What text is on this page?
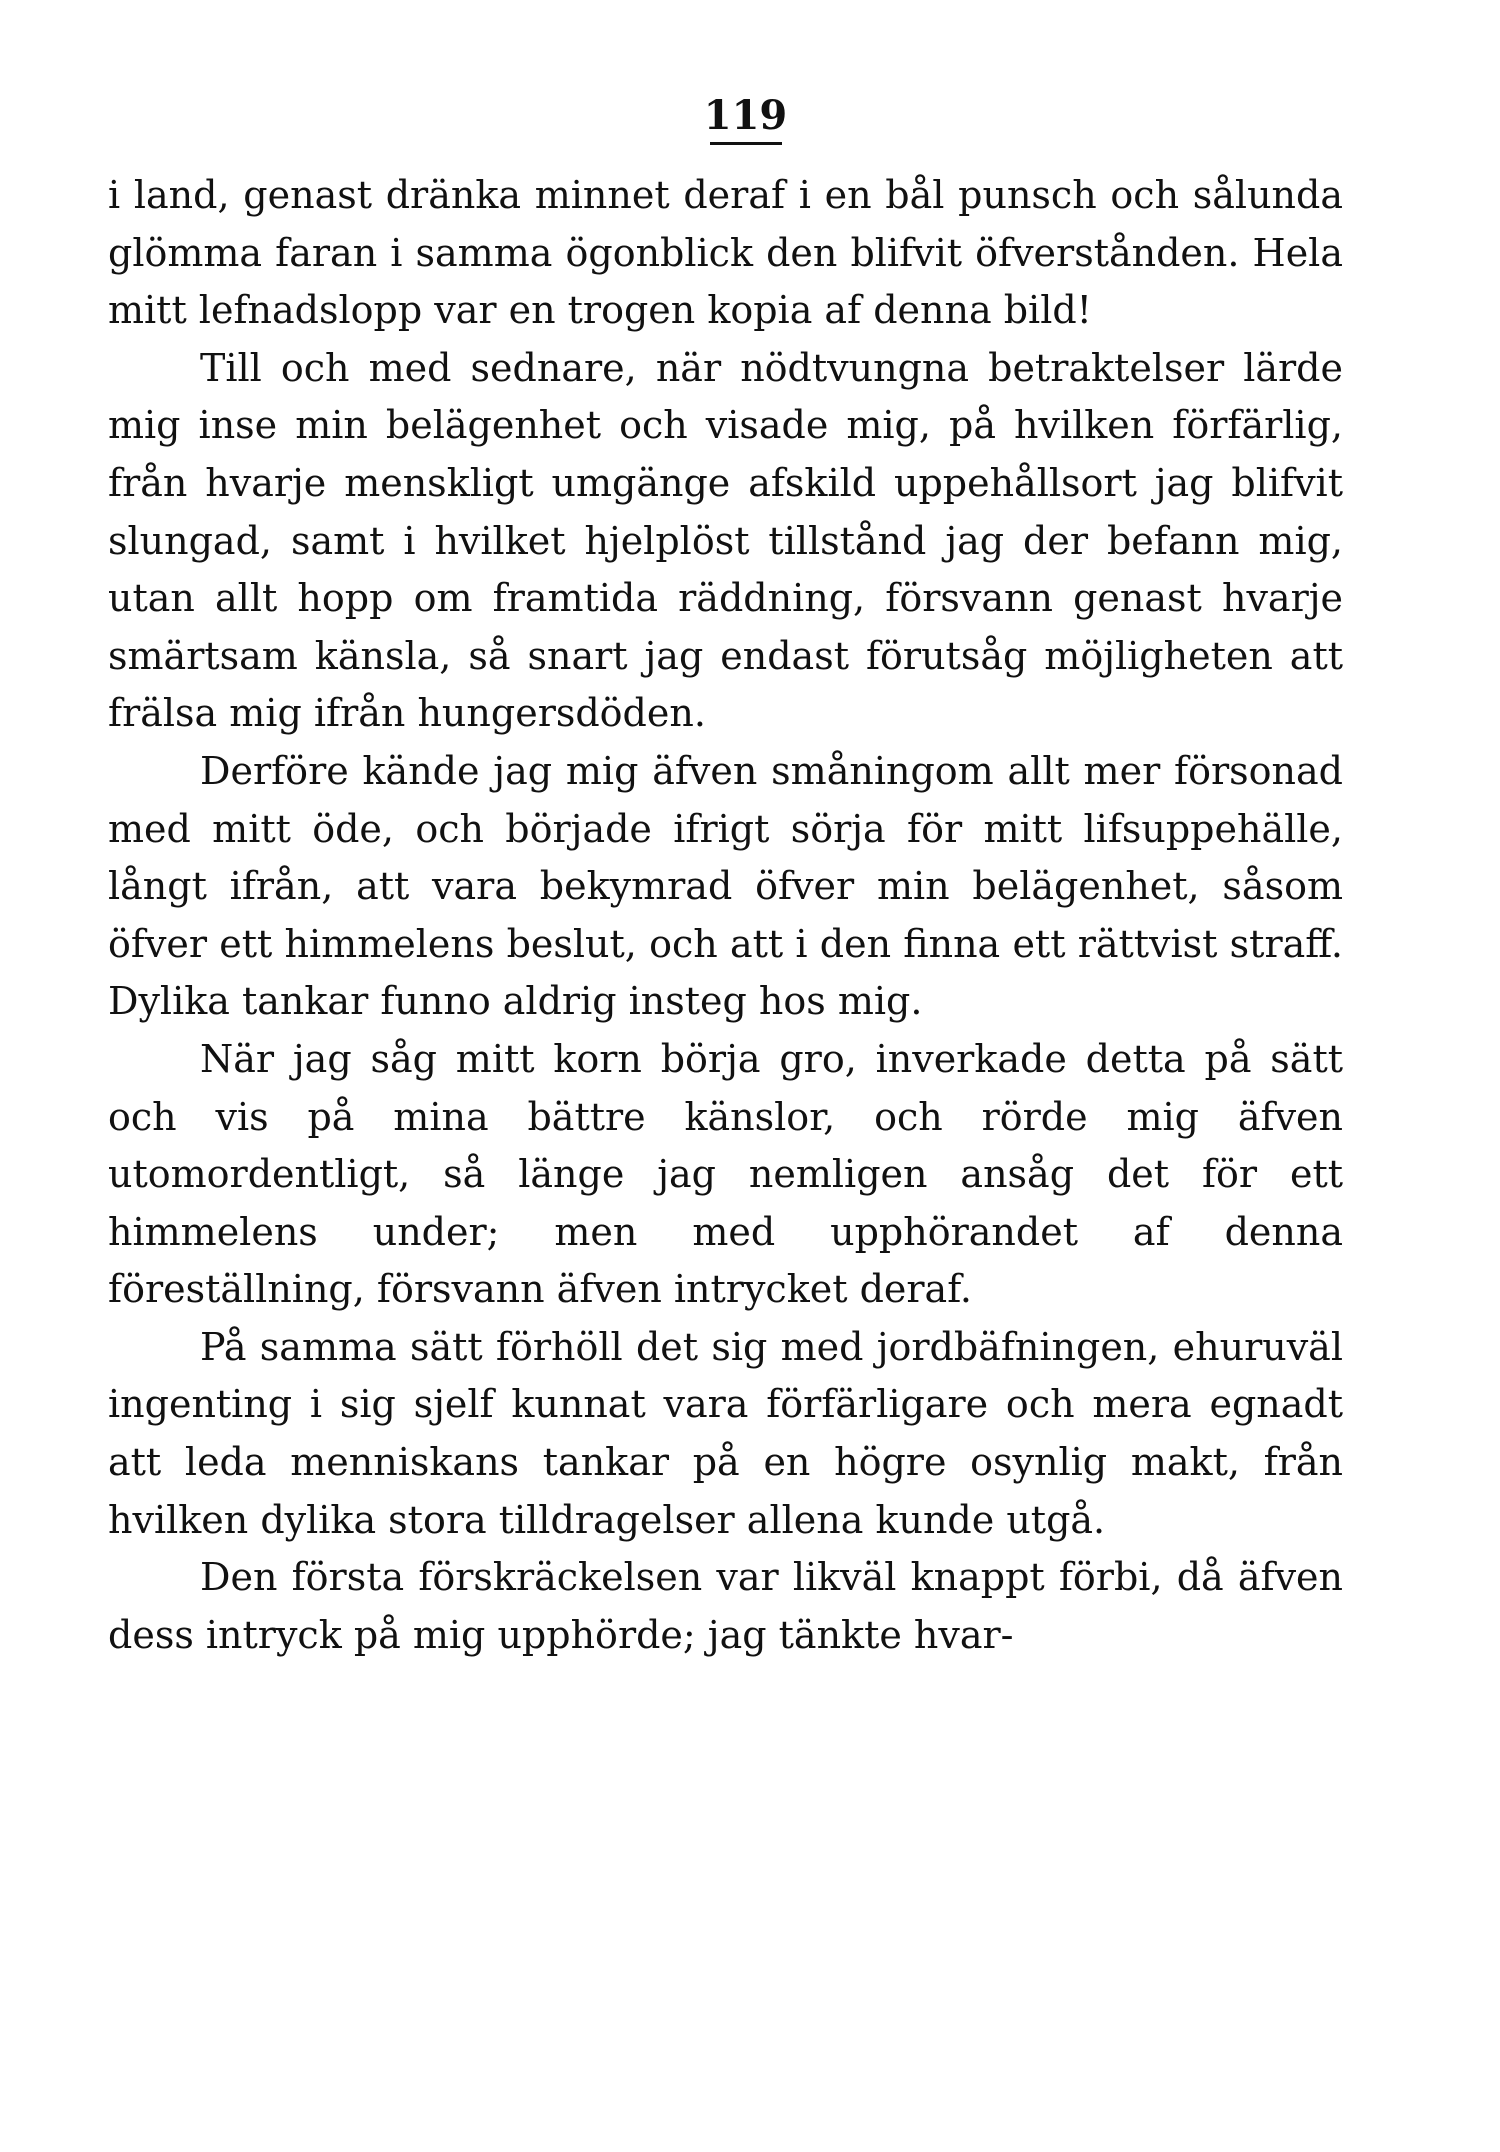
119

i land, genast dränka minnet deraf i en bål punsch och sålunda glömma faran i samma ögonblick den blifvit öfverstånden. Hela mitt lefnadslopp var en trogen kopia af denna bild!

Till och med sednare, när nödtvungna betraktelser lärde mig inse min belägenhet och visade mig, på hvilken förfärlig, från hvarje menskligt umgänge afskild uppehållsort jag blifvit slungad, samt i hvilket hjelplöst tillstånd jag der befann mig, utan allt hopp om framtida räddning, försvann genast hvarje smärtsam känsla, så snart jag endast förutsåg möjligheten att frälsa mig ifrån hungersdöden.

Derföre kände jag mig äfven småningom allt mer försonad med mitt öde, och började ifrigt sörja för mitt lifsuppehälle, långt ifrån, att vara bekymrad öfver min belägenhet, såsom öfver ett himmelens beslut, och att i den finna ett rättvist straff. Dylika tankar funno aldrig insteg hos mig.

När jag såg mitt korn börja gro, inverkade detta på sätt och vis på mina bättre känslor, och rörde mig äfven utomordentligt, så länge jag nemligen ansåg det för ett himmelens under; men med upphörandet af denna föreställning, försvann äfven intrycket deraf.

På samma sätt förhöll det sig med jordbäfningen, ehuruväl ingenting i sig sjelf kunnat vara förfärligare och mera egnadt att leda menniskans tankar på en högre osynlig makt, från hvilken dylika stora tilldragelser allena kunde utgå.

Den första förskräckelsen var likväl knappt förbi, då äfven dess intryck på mig upphörde; jag tänkte hvar-
